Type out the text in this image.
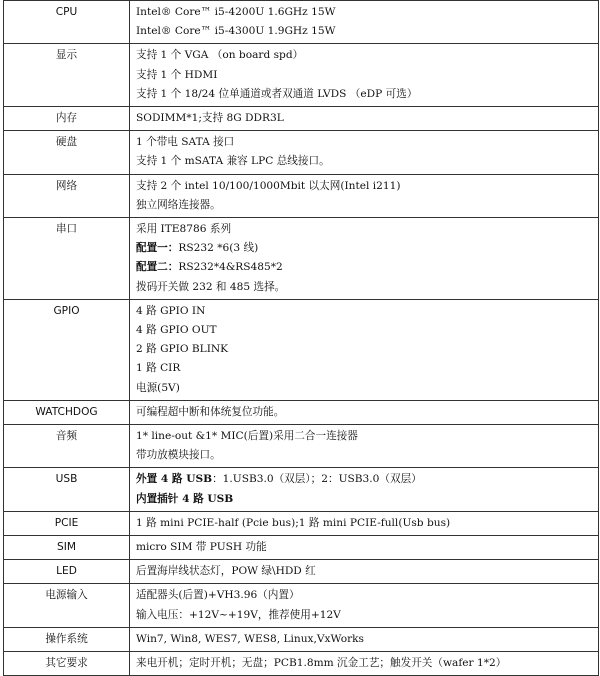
CPU	Intel® Core™ i5-4200U 1.6GHz 15W
Intel® Core™ i5-4300U 1.9GHz 15W

显示	支持 1 个 VGA （on board spd）
支持 1 个 HDMI
支持 1 个 18/24 位单通道或者双通道 LVDS （eDP 可选）

内存	SODIMM*1;支持 8G DDR3L

硬盘	1 个带电 SATA 接口
支持 1 个 mSATA 兼容 LPC 总线接口。

网络	支持 2 个 intel 10/100/1000Mbit 以太网(Intel i211)
独立网络连接器。

串口	采用 ITE8786 系列
配置一：RS232 *6(3 线)
配置二：RS232*4&RS485*2
拨码开关做 232 和 485 选择。

GPIO	4 路 GPIO IN
4 路 GPIO OUT
2 路 GPIO BLINK
1 路 CIR
电源(5V)

WATCHDOG	可编程超中断和体统复位功能。

音频	1* line-out &1* MIC(后置)采用二合一连接器
带功放模块接口。

USB	外置 4 路 USB：1.USB3.0（双层）；2：USB3.0（双层）
内置插针 4 路 USB

PCIE	1 路 mini PCIE-half (Pcie bus);1 路 mini PCIE-full(Usb bus)

SIM	micro SIM 带 PUSH 功能

LED	后置海岸线状态灯，POW 绿\HDD 红

电源输入	适配器头(后置)+VH3.96（内置）
输入电压：+12V~+19V，推荐使用+12V

操作系统	Win7, Win8, WES7, WES8, Linux,VxWorks

其它要求	来电开机；定时开机；无盘；PCB1.8mm 沉金工艺；触发开关（wafer 1*2）
